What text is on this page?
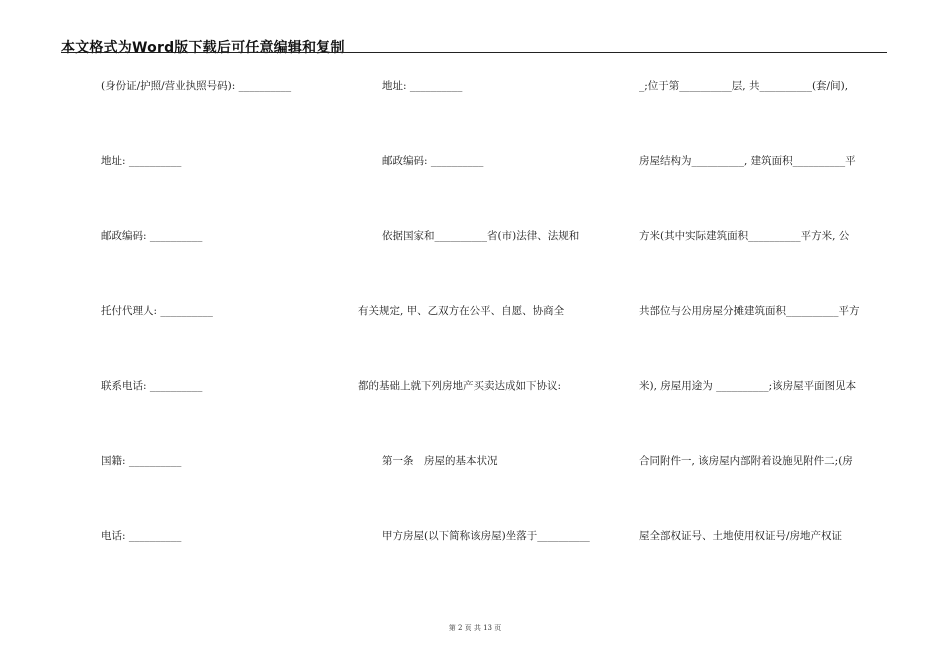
本文格式为Word版下载后可任意编辑和复制
(身份证/护照/营业执照号码): __________
地址: __________
邮政编码: __________
托付代理人: __________
联系电话: __________
国籍: __________
电话: __________
地址: __________
邮政编码: __________
依据国家和__________省(市)法律、法规和
有关规定, 甲、乙双方在公平、自愿、协商全
都的基础上就下列房地产买卖达成如下协议:
第一条　房屋的基本状况
甲方房屋(以下简称该房屋)坐落于__________
_;位于第__________层, 共__________(套/间),
房屋结构为__________, 建筑面积__________平
方米(其中实际建筑面积__________平方米, 公
共部位与公用房屋分摊建筑面积__________平方
米), 房屋用途为 __________;该房屋平面图见本
合同附件一, 该房屋内部附着设施见附件二;(房
屋全部权证号、土地使用权证号/房地产权证
第 2 页 共 13 页
